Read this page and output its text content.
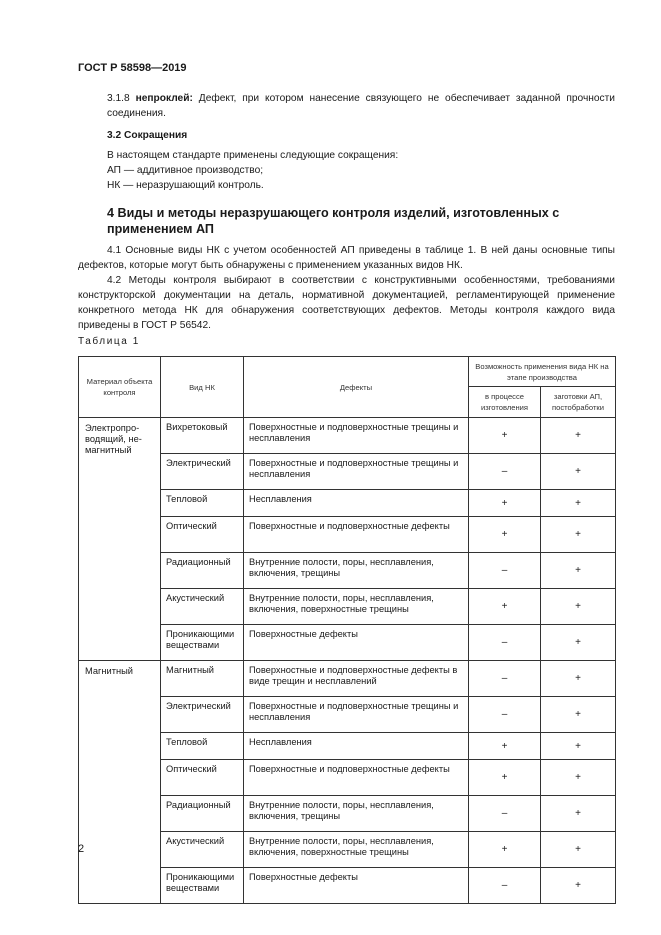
ГОСТ Р 58598—2019
3.1.8 непроклей: Дефект, при котором нанесение связующего не обеспечивает заданной прочности соединения.
3.2 Сокращения
В настоящем стандарте применены следующие сокращения:
АП — аддитивное производство;
НК — неразрушающий контроль.
4 Виды и методы неразрушающего контроля изделий, изготовленных с применением АП
4.1 Основные виды НК с учетом особенностей АП приведены в таблице 1. В ней даны основные типы дефектов, которые могут быть обнаружены с применением указанных видов НК.
4.2 Методы контроля выбирают в соответствии с конструктивными особенностями, требованиями конструкторской документации на деталь, нормативной документацией, регламентирующей применение конкретного метода НК для обнаружения соответствующих дефектов. Методы контроля каждого вида приведены в ГОСТ Р 56542.
Таблица 1
Материал объекта контроля	Вид НК	Дефекты	Возможность применения вида НК на этапе производства	
			в процессе изготовления	заготовки АП, постобработки
Электропро-водящий, не-магнитный	Вихретоковый	Поверхностные и подповерхностные трещины и несплавления	+	+
	Электрический	Поверхностные и подповерхностные трещины и несплавления	–	+
	Тепловой	Несплавления	+	+
	Оптический	Поверхностные и подповерхностные дефекты	+	+
	Радиационный	Внутренние полости, поры, несплавления, включения, трещины	–	+
	Акустический	Внутренние полости, поры, несплавления, включения, поверхностные трещины	+	+
	Проникающими веществами	Поверхностные дефекты	–	+
Магнитный	Магнитный	Поверхностные и подповерхностные дефекты в виде трещин и несплавлений	–	+
	Электрический	Поверхностные и подповерхностные трещины и несплавления	–	+
	Тепловой	Несплавления	+	+
	Оптический	Поверхностные и подповерхностные дефекты	+	+
	Радиационный	Внутренние полости, поры, несплавления, включения, трещины	–	+
	Акустический	Внутренние полости, поры, несплавления, включения, поверхностные трещины	+	+
	Проникающими веществами	Поверхностные дефекты	–	+
2
